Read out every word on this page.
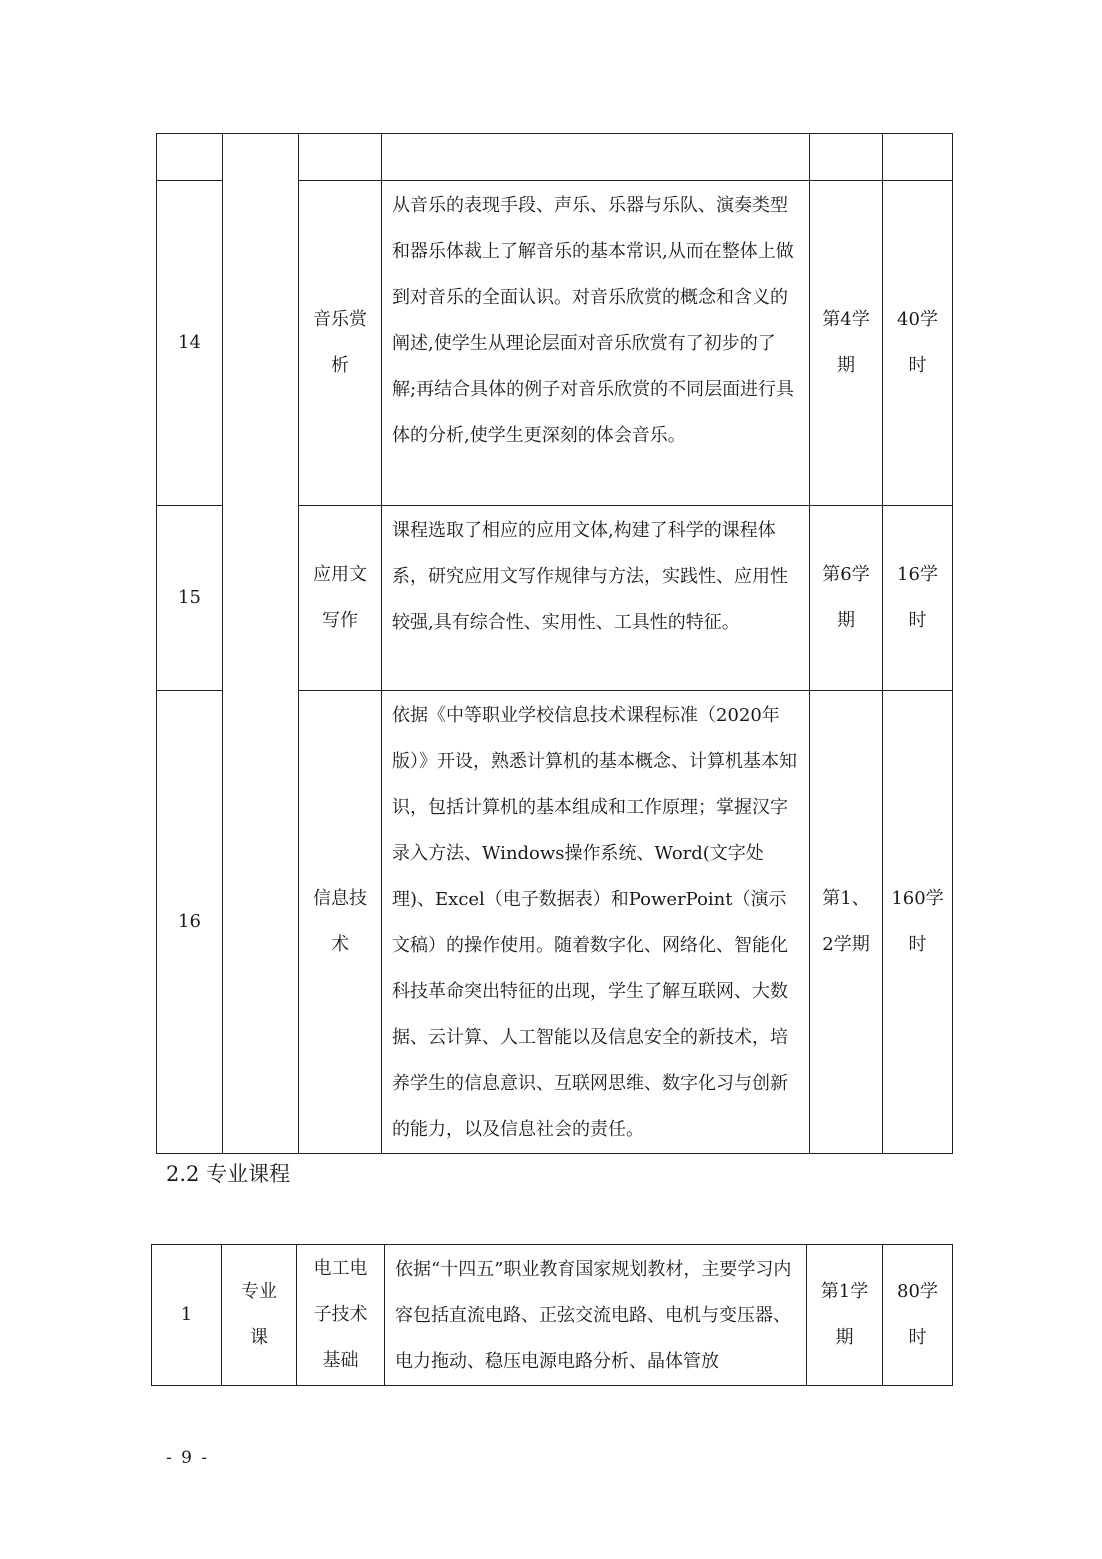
14		音乐赏析	从音乐的表现手段、声乐、乐器与乐队、演奏类型和器乐体裁上了解音乐的基本常识,从而在整体上做到对音乐的全面认识。对音乐欣赏的概念和含义的阐述,使学生从理论层面对音乐欣赏有了初步的了解;再结合具体的例子对音乐欣赏的不同层面进行具体的分析,使学生更深刻的体会音乐。	第4学期	40学时
15		应用文写作	课程选取了相应的应用文体,构建了科学的课程体系，研究应用文写作规律与方法，实践性、应用性较强,具有综合性、实用性、工具性的特征。	第6学期	16学时
16		信息技术	依据《中等职业学校信息技术课程标准（2020年版）》开设，熟悉计算机的基本概念、计算机基本知识，包括计算机的基本组成和工作原理；掌握汉字录入方法、Windows操作系统、Word(文字处理)、Excel（电子数据表）和PowerPoint（演示文稿）的操作使用。随着数字化、网络化、智能化科技革命突出特征的出现，学生了解互联网、大数据、云计算、人工智能以及信息安全的新技术，培养学生的信息意识、互联网思维、数字化习与创新的能力，以及信息社会的责任。	第1、2学期	160学时
2.2 专业课程
1	专业课	电工电子技术基础	依据“十四五”职业教育国家规划教材，主要学习内容包括直流电路、正弦交流电路、电机与变压器、电力拖动、稳压电源电路分析、晶体管放	第1学期	80学时
- 9 -
